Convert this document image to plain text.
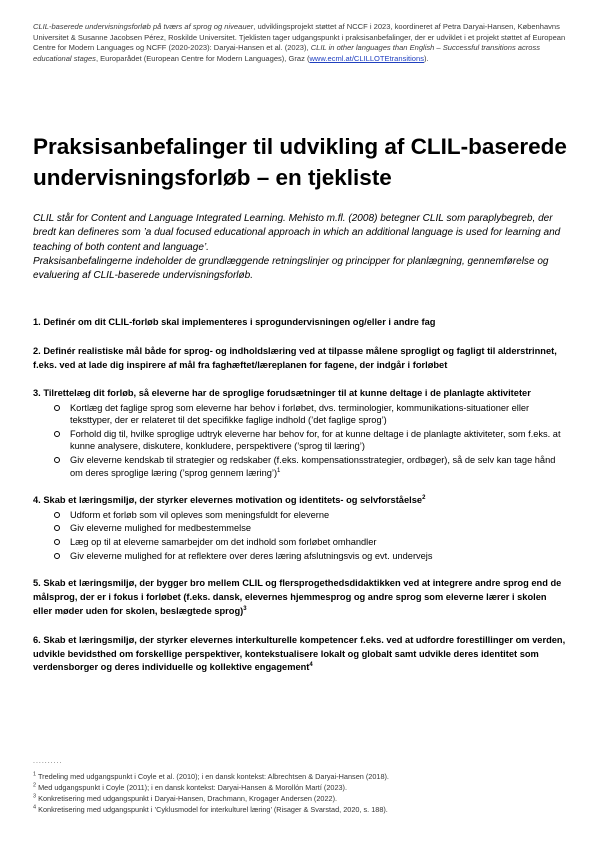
CLIL-baserede undervisningsforløb på tværs af sprog og niveauer, udviklingsprojekt støttet af NCCF i 2023, koordineret af Petra Daryai-Hansen, Københavns Universitet & Susanne Jacobsen Pérez, Roskilde Universitet. Tjeklisten tager udgangspunkt i praksisanbefalinger, der er udviklet i et projekt støttet af European Centre for Modern Languages og NCFF (2020-2023): Daryai-Hansen et al. (2023), CLIL in other languages than English – Successful transitions across educational stages, Europarådet (European Centre for Modern Languages), Graz (www.ecml.at/CLILLOTEtransitions).
Praksisanbefalinger til udvikling af CLIL-baserede undervisningsforløb – en tjekliste
CLIL står for Content and Language Integrated Learning. Mehisto m.fl. (2008) betegner CLIL som paraplybegreb, der bredt kan defineres som ’a dual focused educational approach in which an additional language is used for learning and teaching of both content and language’.
Praksisanbefalingerne indeholder de grundlæggende retningslinjer og principper for planlægning, gennemførelse og evaluering af CLIL-baserede undervisningsforløb.
1. Definér om dit CLIL-forløb skal implementeres i sprogundervisningen og/eller i andre fag
2. Definér realistiske mål både for sprog- og indholdslæring ved at tilpasse målene sprogligt og fagligt til alderstrinnet, f.eks. ved at lade dig inspirere af mål fra faghæftet/læreplanen for fagene, der indgår i forløbet
3. Tilrettelæg dit forløb, så eleverne har de sproglige forudsætninger til at kunne deltage i de planlagte aktiviteter
Kortlæg det faglige sprog som eleverne har behov i forløbet, dvs. terminologier, kommunikations-situationer eller teksttyper, der er relateret til det specifikke faglige indhold (’det faglige sprog’)
Forhold dig til, hvilke sproglige udtryk eleverne har behov for, for at kunne deltage i de planlagte aktiviteter, som f.eks. at kunne analysere, diskutere, konkludere, perspektivere (’sprog til læring’)
Giv eleverne kendskab til strategier og redskaber (f.eks. kompensationsstrategier, ordbøger), så de selv kan tage hånd om deres sproglige læring (’sprog gennem læring’)$^1$
4. Skab et læringsmiljø, der styrker elevernes motivation og identitets- og selvforståelse$^2$
Udform et forløb som vil opleves som meningsfuldt for eleverne
Giv eleverne mulighed for medbestemmelse
Læg op til at eleverne samarbejder om det indhold som forløbet omhandler
Giv eleverne mulighed for at reflektere over deres læring afslutningsvis og evt. undervejs
5. Skab et læringsmiljø, der bygger bro mellem CLIL og flersprogethedsdidaktikken ved at integrere andre sprog end de målsprog, der er i fokus i forløbet (f.eks. dansk, elevernes hjemmesprog og andre sprog som eleverne lærer i skolen eller møder uden for skolen, beslægtede sprog)$^3$
6. Skab et læringsmiljø, der styrker elevernes interkulturelle kompetencer f.eks. ved at udfordre forestillinger om verden, udvikle bevidsthed om forskellige perspektiver, kontekstualisere lokalt og globalt samt udvikle deres identitet som verdensborger og deres individuelle og kollektive engagement$^4$
..........
$^1$ Tredeling med udgangspunkt i Coyle et al. (2010); i en dansk kontekst: Albrechtsen & Daryai-Hansen (2018).
$^2$ Med udgangspunkt i Coyle (2011); i en dansk kontekst: Daryai-Hansen & Morollón Martí (2023).
$^3$ Konkretisering med udgangspunkt i Daryai-Hansen, Drachmann, Krogager Andersen (2022).
$^4$ Konkretisering med udgangspunkt i ’Cyklusmodel for interkulturel læring’ (Risager & Svarstad, 2020, s. 188).
